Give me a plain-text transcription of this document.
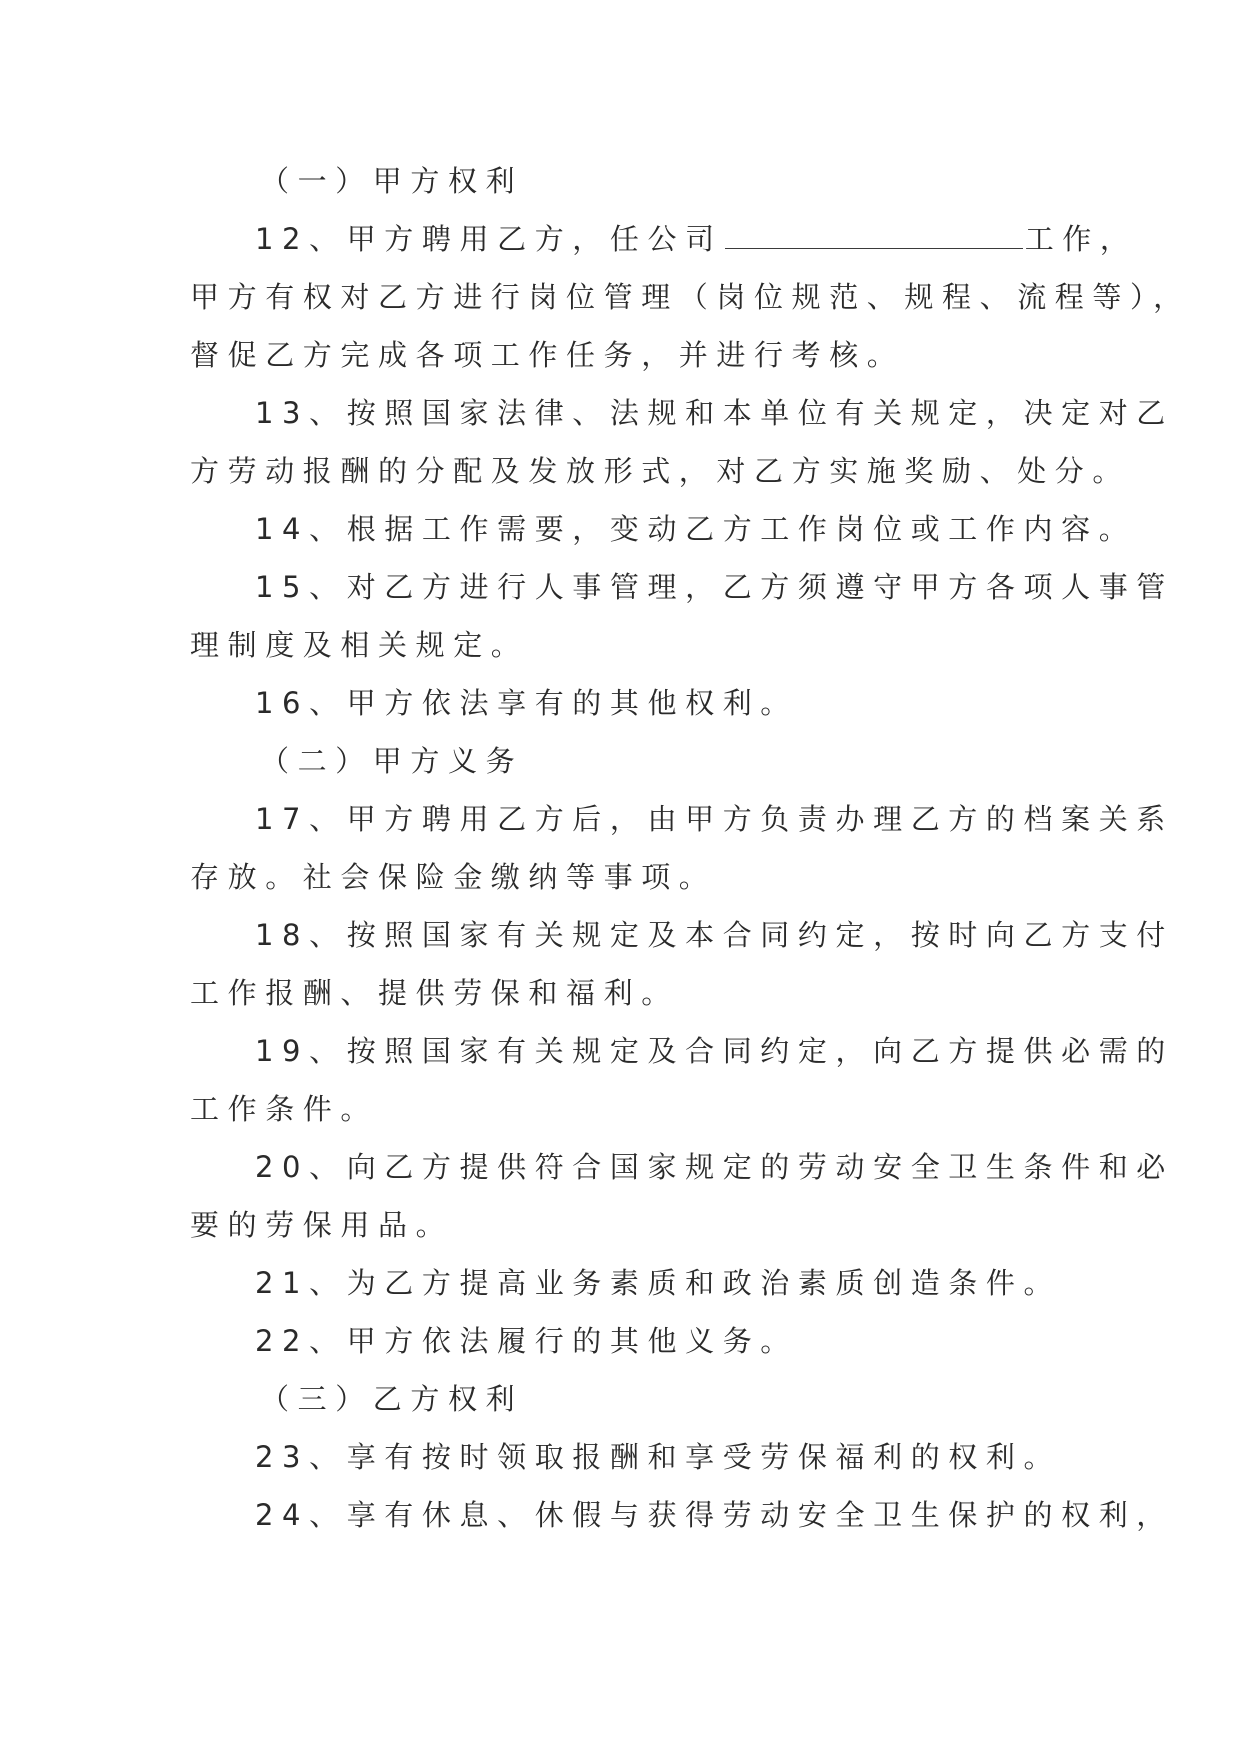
（一）甲方权利
12、甲方聘用乙方，任公司	工作，
甲方有权对乙方进行岗位管理（岗位规范、规程、流程等），
督促乙方完成各项工作任务，并进行考核。
13、按照国家法律、法规和本单位有关规定，决定对乙
方劳动报酬的分配及发放形式，对乙方实施奖励、处分。
14、根据工作需要，变动乙方工作岗位或工作内容。
15、对乙方进行人事管理，乙方须遵守甲方各项人事管
理制度及相关规定。
16、甲方依法享有的其他权利。
（二）甲方义务
17、甲方聘用乙方后，由甲方负责办理乙方的档案关系
存放。社会保险金缴纳等事项。
18、按照国家有关规定及本合同约定，按时向乙方支付
工作报酬、提供劳保和福利。
19、按照国家有关规定及合同约定，向乙方提供必需的
工作条件。
20、向乙方提供符合国家规定的劳动安全卫生条件和必
要的劳保用品。
21、为乙方提高业务素质和政治素质创造条件。
22、甲方依法履行的其他义务。
（三）乙方权利
23、享有按时领取报酬和享受劳保福利的权利。
24、享有休息、休假与获得劳动安全卫生保护的权利，
